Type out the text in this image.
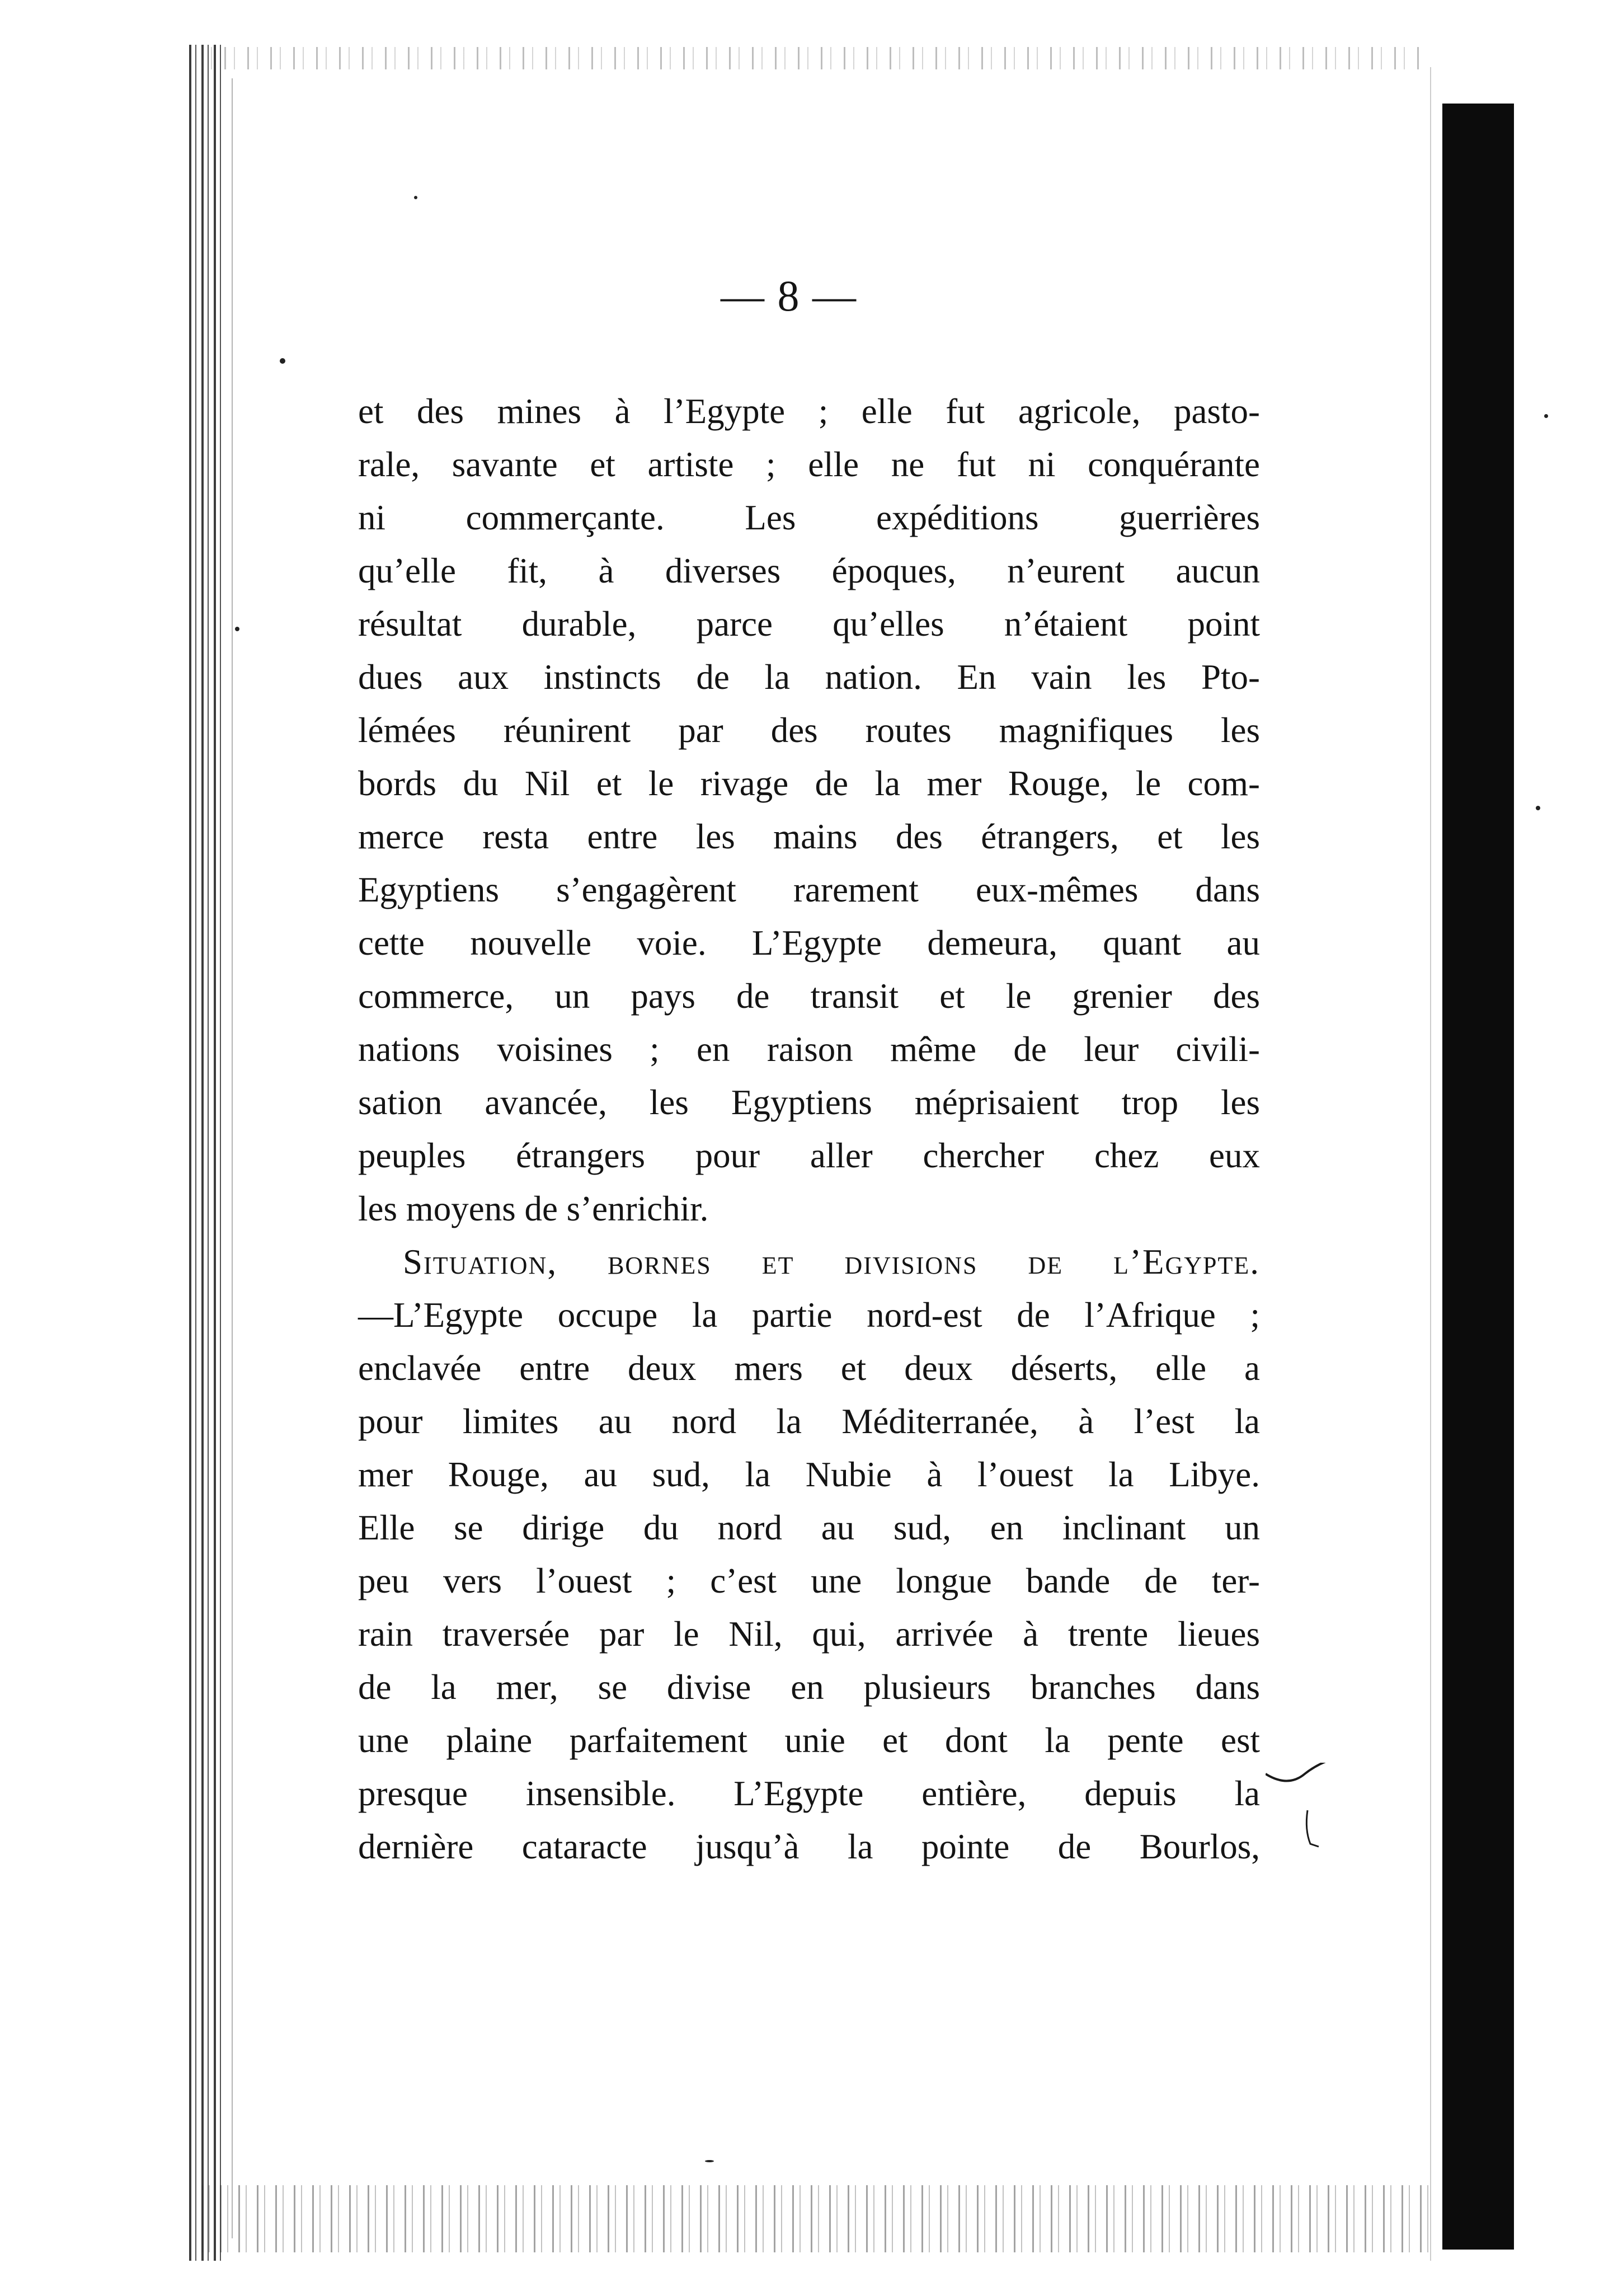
— 8 —
et des mines à l’Egypte ; elle fut agricole, pasto-
rale, savante et artiste ; elle ne fut ni conquérante
ni commerçante. Les expéditions guerrières
qu’elle fit, à diverses époques, n’eurent aucun
résultat durable, parce qu’elles n’étaient point
dues aux instincts de la nation. En vain les Pto-
lémées réunirent par des routes magnifiques les
bords du Nil et le rivage de la mer Rouge, le com-
merce resta entre les mains des étrangers, et les
Egyptiens s’engagèrent rarement eux-mêmes dans
cette nouvelle voie. L’Egypte demeura, quant au
commerce, un pays de transit et le grenier des
nations voisines ; en raison même de leur civili-
sation avancée, les Egyptiens méprisaient trop les
peuples étrangers pour aller chercher chez eux
les moyens de s’enrichir.
Situation, bornes et divisions de l’Egypte.
—L’Egypte occupe la partie nord-est de l’Afrique ;
enclavée entre deux mers et deux déserts, elle a
pour limites au nord la Méditerranée, à l’est la
mer Rouge, au sud, la Nubie à l’ouest la Libye.
Elle se dirige du nord au sud, en inclinant un
peu vers l’ouest ; c’est une longue bande de ter-
rain traversée par le Nil, qui, arrivée à trente lieues
de la mer, se divise en plusieurs branches dans
une plaine parfaitement unie et dont la pente est
presque insensible. L’Egypte entière, depuis la
dernière cataracte jusqu’à la pointe de Bourlos,
